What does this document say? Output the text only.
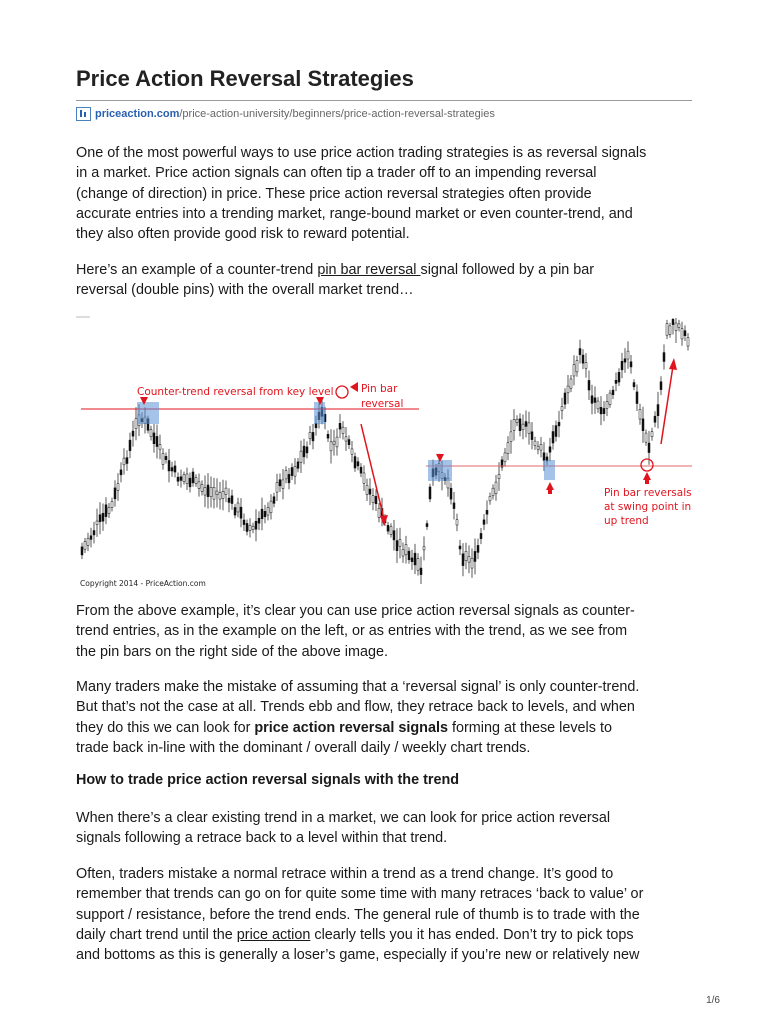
Price Action Reversal Strategies
priceaction.com /price-action-university/beginners/price-action-reversal-strategies

One of the most powerful ways to use price action trading strategies is as reversal signals
in a market. Price action signals can often tip a trader off to an impending reversal
(change of direction) in price. These price action reversal strategies often provide
accurate entries into a trending market, range-bound market or even counter-trend, and
they also often provide good risk to reward potential.

Here’s an example of a counter-trend pin bar reversal signal followed by a pin bar
reversal (double pins) with the overall market trend…

From the above example, it’s clear you can use price action reversal signals as counter-
trend entries, as in the example on the left, or as entries with the trend, as we see from
the pin bars on the right side of the above image.

Many traders make the mistake of assuming that a ‘reversal signal’ is only counter-trend.
But that’s not the case at all. Trends ebb and flow, they retrace back to levels, and when
they do this we can look for price action reversal signals forming at these levels to
trade back in-line with the dominant / overall daily / weekly chart trends.

How to trade price action reversal signals with the trend

When there’s a clear existing trend in a market, we can look for price action reversal
signals following a retrace back to a level within that trend.

Often, traders mistake a normal retrace within a trend as a trend change. It’s good to
remember that trends can go on for quite some time with many retraces ‘back to value’ or
support / resistance, before the trend ends. The general rule of thumb is to trade with the
daily chart trend until the price action clearly tells you it has ended. Don’t try to pick tops
and bottoms as this is generally a loser’s game, especially if you’re new or relatively new

Counter-trend reversal from key level	Pin bar
reversal
Pin bar reversals
at swing point in
up trend
Copyright 2014 - PriceAction.com
1/6
